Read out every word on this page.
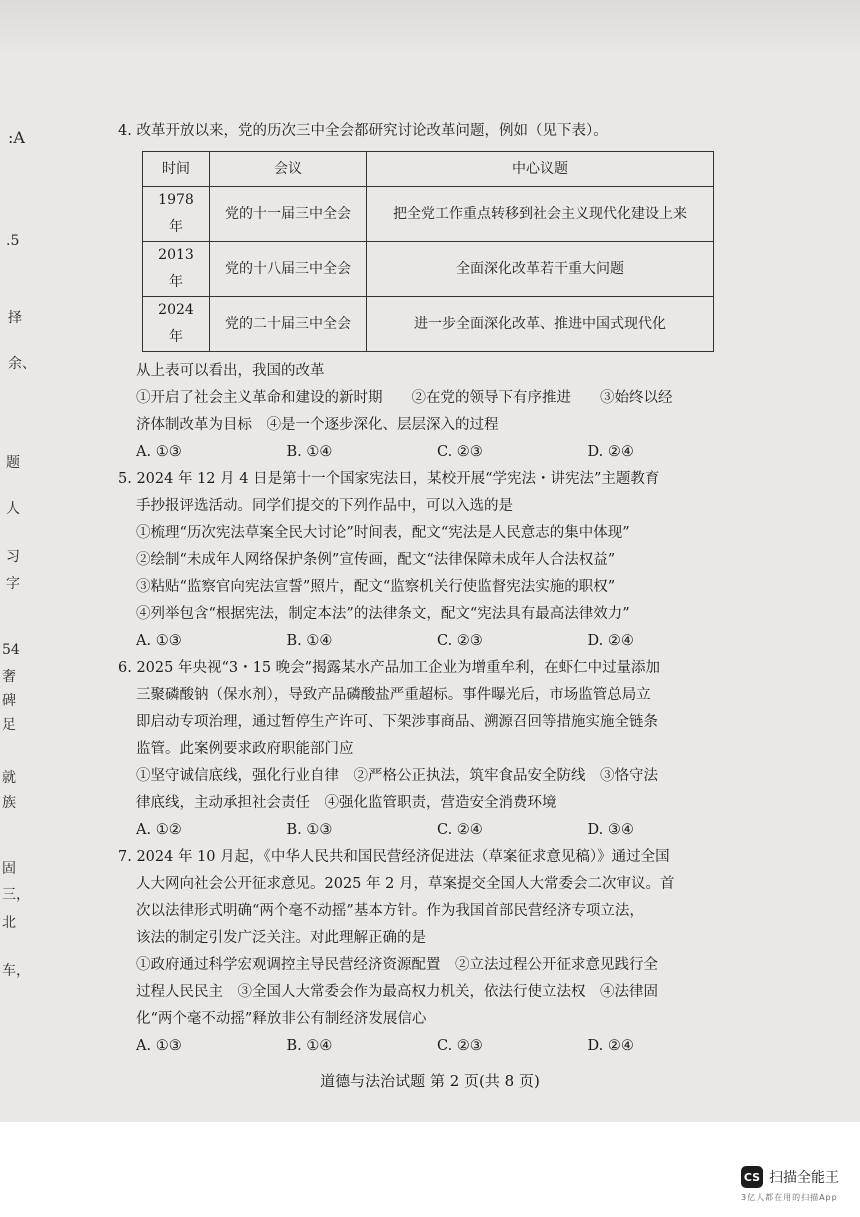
:A
.5
择
余、
题
人
习
字
54
奢
碑
足
就
族
固
三，
北
车，

4. 改革开放以来，党的历次三中全会都研究讨论改革问题，例如（见下表）。

时间	会议	中心议题
1978 年	党的十一届三中全会	把全党工作重点转移到社会主义现代化建设上来
2013 年	党的十八届三中全会	全面深化改革若干重大问题
2024 年	党的二十届三中全会	进一步全面深化改革、推进中国式现代化

从上表可以看出，我国的改革

①开启了社会主义革命和建设的新时期　　②在党的领导下有序推进　　③始终以经

济体制改革为目标　④是一个逐步深化、层层深入的过程

A. ①③	B. ①④	C. ②③	D. ②④

5. 2024 年 12 月 4 日是第十一个国家宪法日，某校开展“学宪法・讲宪法”主题教育

手抄报评选活动。同学们提交的下列作品中，可以入选的是

①梳理“历次宪法草案全民大讨论”时间表，配文“宪法是人民意志的集中体现”

②绘制“未成年人网络保护条例”宣传画，配文“法律保障未成年人合法权益”

③粘贴“监察官向宪法宣誓”照片，配文“监察机关行使监督宪法实施的职权”

④列举包含“根据宪法，制定本法”的法律条文，配文“宪法具有最高法律效力”

A. ①③	B. ①④	C. ②③	D. ②④

6. 2025 年央视“3・15 晚会”揭露某水产品加工企业为增重牟利，在虾仁中过量添加

三聚磷酸钠（保水剂），导致产品磷酸盐严重超标。事件曝光后，市场监管总局立

即启动专项治理，通过暂停生产许可、下架涉事商品、溯源召回等措施实施全链条

监管。此案例要求政府职能部门应

①坚守诚信底线，强化行业自律　②严格公正执法，筑牢食品安全防线　③恪守法

律底线，主动承担社会责任　④强化监管职责，营造安全消费环境

A. ①②	B. ①③	C. ②④	D. ③④

7. 2024 年 10 月起，《中华人民共和国民营经济促进法（草案征求意见稿）》通过全国

人大网向社会公开征求意见。2025 年 2 月，草案提交全国人大常委会二次审议。首

次以法律形式明确“两个毫不动摇”基本方针。作为我国首部民营经济专项立法，

该法的制定引发广泛关注。对此理解正确的是

①政府通过科学宏观调控主导民营经济资源配置　②立法过程公开征求意见践行全

过程人民民主　③全国人大常委会作为最高权力机关，依法行使立法权　④法律固

化“两个毫不动摇”释放非公有制经济发展信心

A. ①③	B. ①④	C. ②③	D. ②④
道德与法治试题 第 2 页(共 8 页)
CS 扫描全能王
3亿人都在用的扫描App
